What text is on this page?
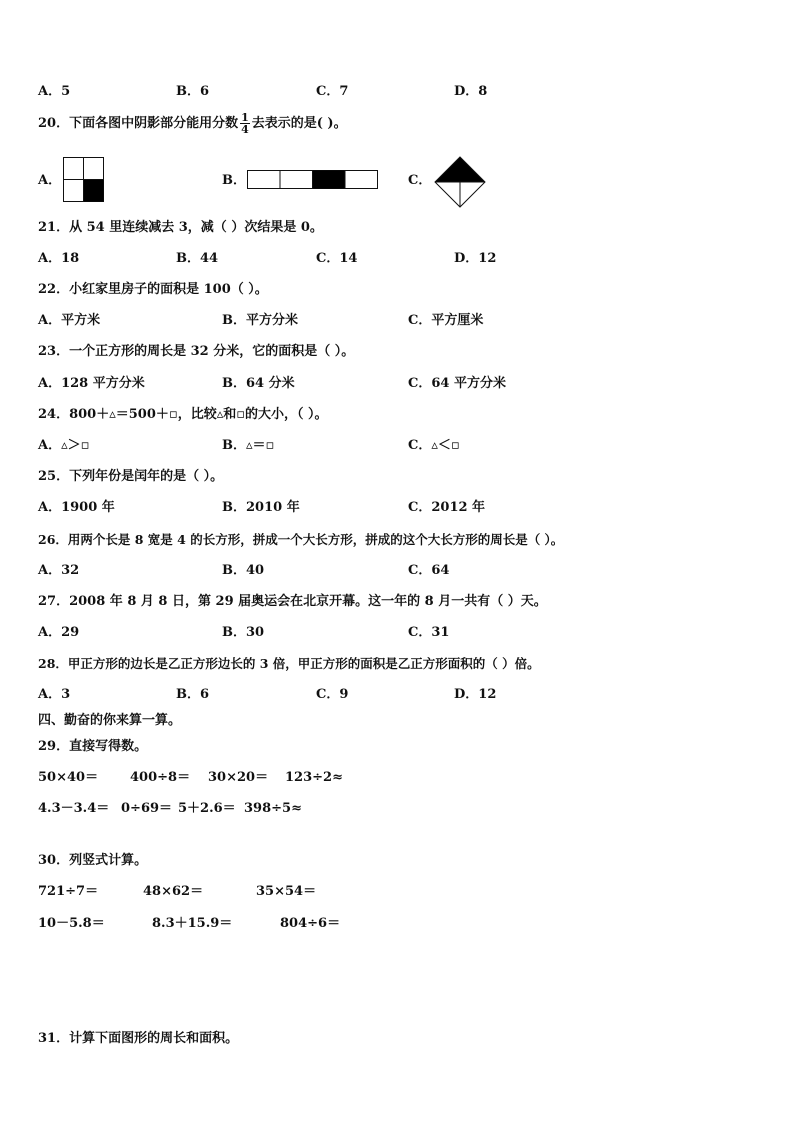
A．5	B．6	C．7	D．8
20．下面各图中阴影部分能用分数 $\frac{1}{4}$ 去表示的是( )。
A．	B．	C．
21．从 54 里连续减去 3，减（ ）次结果是 0。
A．18	B．44	C．14	D．12
22．小红家里房子的面积是 100（ ）。
A．平方米	B．平方分米	C．平方厘米
23．一个正方形的周长是 32 分米，它的面积是（ ）。
A．128 平方分米	B．64 分米	C．64 平方分米
24．800＋▵＝500＋▫，比较▵和▫的大小，（ ）。
A．▵＞▫	B．▵＝▫	C．▵＜▫
25．下列年份是闰年的是（ ）。
A．1900 年	B．2010 年	C．2012 年
26．用两个长是 8 宽是 4 的长方形，拼成一个大长方形，拼成的这个大长方形的周长是（ ）。
A．32	B．40	C．64
27．2008 年 8 月 8 日，第 29 届奥运会在北京开幕。这一年的 8 月一共有（ ）天。
A．29	B．30	C．31
28．甲正方形的边长是乙正方形边长的 3 倍，甲正方形的面积是乙正方形面积的（ ）倍。
A．3	B．6	C．9	D．12
四、勤奋的你来算一算。
29．直接写得数。
50×40＝ 400÷8＝ 30×20＝ 123÷2≈
4.3－3.4＝ 0÷69＝ 5＋2.6＝ 398÷5≈
30．列竖式计算。
721÷7＝	48×62＝	35×54＝
10－5.8＝	8.3＋15.9＝	804÷6＝
31．计算下面图形的周长和面积。
